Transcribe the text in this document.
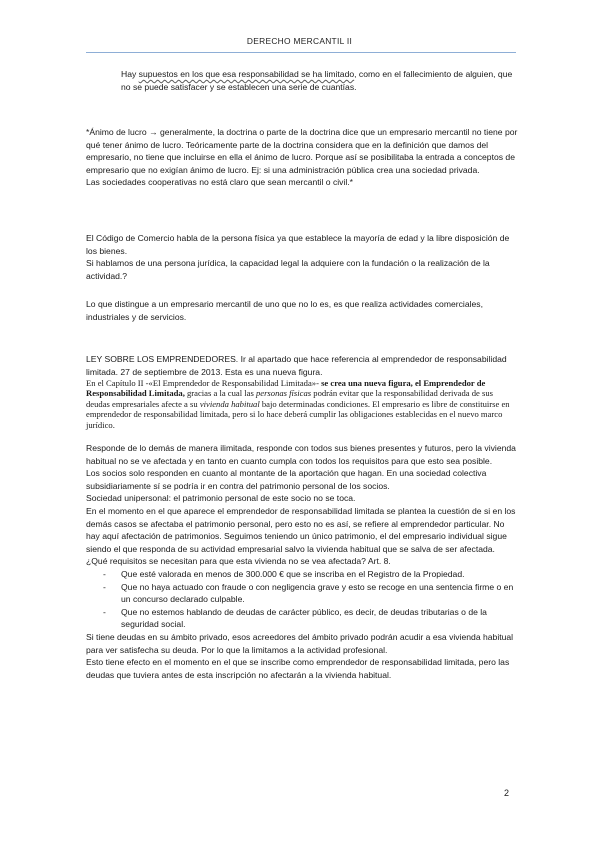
DERECHO MERCANTIL II

Hay supuestos en los que esa responsabilidad se ha limitado, como en el fallecimiento de alguien, que no se puede satisfacer y se establecen una serie de cuantías.

*Ánimo de lucro → generalmente, la doctrina o parte de la doctrina dice que un empresario mercantil no tiene por qué tener ánimo de lucro. Teóricamente parte de la doctrina considera que en la definición que damos del empresario, no tiene que incluirse en ella el ánimo de lucro. Porque así se posibilitaba la entrada a conceptos de empresario que no exigían ánimo de lucro. Ej: si una administración pública crea una sociedad privada.

Las sociedades cooperativas no está claro que sean mercantil o civil.*

El Código de Comercio habla de la persona física ya que establece la mayoría de edad y la libre disposición de los bienes.

Si hablamos de una persona jurídica, la capacidad legal la adquiere con la fundación o la realización de la actividad.?

Lo que distingue a un empresario mercantil de uno que no lo es, es que realiza actividades comerciales, industriales y de servicios.

LEY SOBRE LOS EMPRENDEDORES. Ir al apartado que hace referencia al emprendedor de responsabilidad limitada. 27 de septiembre de 2013. Esta es una nueva figura.

En el Capítulo II -«El Emprendedor de Responsabilidad Limitada»- se crea una nueva figura, el Emprendedor de Responsabilidad Limitada, gracias a la cual las personas físicas podrán evitar que la responsabilidad derivada de sus deudas empresariales afecte a su vivienda habitual bajo determinadas condiciones. El empresario es libre de constituirse en emprendedor de responsabilidad limitada, pero si lo hace deberá cumplir las obligaciones establecidas en el nuevo marco jurídico.

Responde de lo demás de manera ilimitada, responde con todos sus bienes presentes y futuros, pero la vivienda habitual no se ve afectada y en tanto en cuanto cumpla con todos los requisitos para que esto sea posible.

Los socios solo responden en cuanto al montante de la aportación que hagan. En una sociedad colectiva subsidiariamente sí se podría ir en contra del patrimonio personal de los socios.

Sociedad unipersonal: el patrimonio personal de este socio no se toca.

En el momento en el que aparece el emprendedor de responsabilidad limitada se plantea la cuestión de si en los demás casos se afectaba el patrimonio personal, pero esto no es así, se refiere al emprendedor particular. No hay aquí afectación de patrimonios. Seguimos teniendo un único patrimonio, el del empresario individual sigue siendo el que responda de su actividad empresarial salvo la vivienda habitual que se salva de ser afectada.

¿Qué requisitos se necesitan para que esta vivienda no se vea afectada? Art. 8.

- Que esté valorada en menos de 300.000 € que se inscriba en el Registro de la Propiedad.
- Que no haya actuado con fraude o con negligencia grave y esto se recoge en una sentencia firme o en un concurso declarado culpable.
- Que no estemos hablando de deudas de carácter público, es decir, de deudas tributarias o de la seguridad social.

Si tiene deudas en su ámbito privado, esos acreedores del ámbito privado podrán acudir a esa vivienda habitual para ver satisfecha su deuda. Por lo que la limitamos a la actividad profesional.

Esto tiene efecto en el momento en el que se inscribe como emprendedor de responsabilidad limitada, pero las deudas que tuviera antes de esta inscripción no afectarán a la vivienda habitual.

2
